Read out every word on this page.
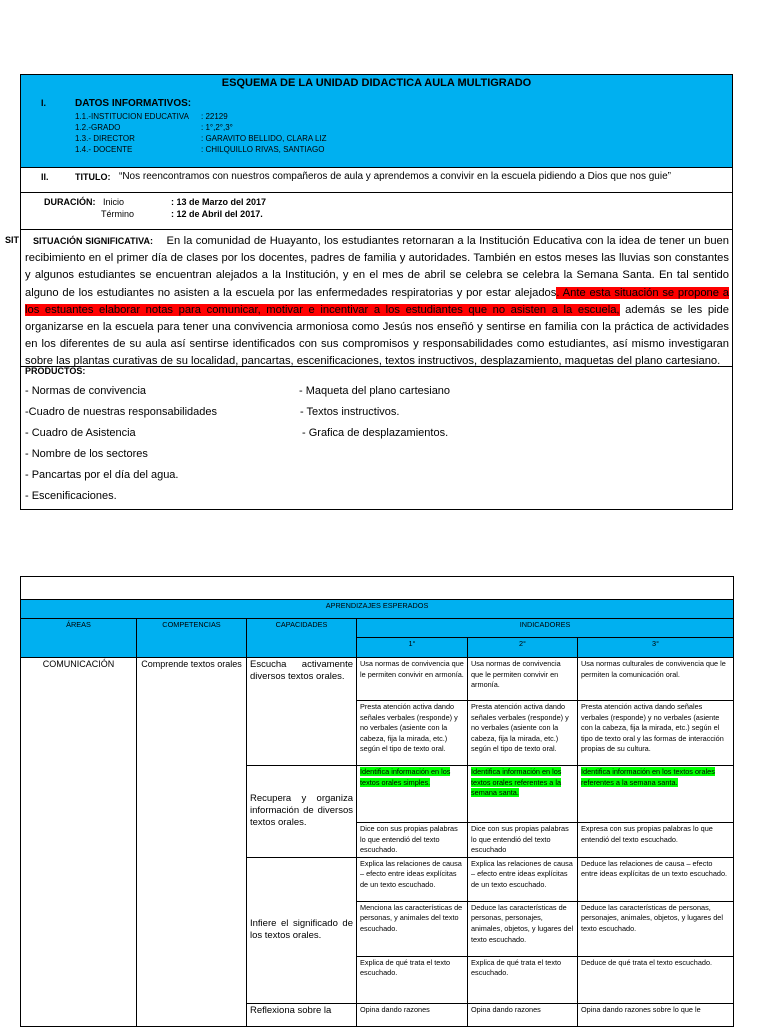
ESQUEMA DE LA UNIDAD DIDACTICA AULA MULTIGRADO
I.	DATOS INFORMATIVOS:
1.1.-INSTITUCION EDUCATIVA : 22129
1.2.-GRADO	: 1°,2°,3°
1.3.- DIRECTOR	: GARAVITO BELLIDO, CLARA LIZ
1.4.- DOCENTE	: CHILQUILLO RIVAS, SANTIAGO
II.	TITULO: “Nos reencontramos con nuestros compañeros de aula y aprendemos a convivir en la escuela pidiendo a Dios que nos guie”
DURACIÓN: Inicio	: 13 de Marzo del 2017
Término	: 12 de Abril del 2017.
SITUACIÓN SIGNIFICATIVA: En la comunidad de Huayanto, los estudiantes retornaran a la Institución Educativa con la idea de tener un buen recibimiento en el primer día de clases por los docentes, padres de familia y autoridades. También en estos meses las lluvias son constantes y algunos estudiantes se encuentran alejados a la Institución, y en el mes de abril se celebra se celebra la Semana Santa. En tal sentido alguno de los estudiantes no asisten a la escuela por las enfermedades respiratorias y por estar alejados. Ante esta situación se propone a los estuantes elaborar notas para comunicar, motivar e incentivar a los estudiantes que no asisten a la escuela, además se les pide organizarse en la escuela para tener una convivencia armoniosa como Jesús nos enseñó y sentirse en familia con la práctica de actividades en los diferentes de su aula así sentirse identificados con sus compromisos y responsabilidades como estudiantes, así mismo investigaran sobre las plantas curativas de su localidad, pancartas, escenificaciones, textos instructivos, desplazamiento, maquetas del plano cartesiano.
PRODUCTOS:
- Normas de convivencia
-Cuadro de nuestras responsabilidades
- Cuadro de Asistencia
- Nombre de los sectores
- Pancartas por el día del agua.
- Escenificaciones.
- Maqueta del plano cartesiano
- Textos instructivos.
- Grafica de desplazamientos.
SIT

APRENDIZAJES ESPERADOS					
ÁREAS	COMPETENCIAS	CAPACIDADES	INDICADORES		
			1°	2°	3°
COMUNICACIÓN	Comprende textos orales	Escucha activamente diversos textos orales.	Usa normas de convivencia que le permiten convivir en armonía.	Usa normas de convivencia que le permiten convivir en armonía.	Usa normas culturales de convivencia que le permiten la comunicación oral.
			Presta atención activa dando señales verbales (responde) y no verbales (asiente con la cabeza, fija la mirada, etc.) según el tipo de texto oral.	Presta atención activa dando señales verbales (responde) y no verbales (asiente con la cabeza, fija la mirada, etc.) según el tipo de texto oral.	Presta atención activa dando señales verbales (responde) y no verbales (asiente con la cabeza, fija la mirada, etc.) según el tipo de texto oral y las formas de interacción propias de su cultura.
		Recupera y organiza información de diversos textos orales.	Identifica información en los textos orales simples.	Identifica información en los textos orales referentes a la semana santa.	Identifica información en los textos orales referentes a la semana santa.
			Dice con sus propias palabras lo que entendió del texto escuchado.	Dice con sus propias palabras lo que entendió del texto escuchado	Expresa con sus propias palabras lo que entendió del texto escuchado.
		Infiere el significado de los textos orales.	Explica las relaciones de causa – efecto entre ideas explícitas de un texto escuchado.	Explica las relaciones de causa – efecto entre ideas explícitas de un texto escuchado.	Deduce las relaciones de causa – efecto entre ideas explícitas de un texto escuchado.
			Menciona las características de personas, y animales del texto escuchado.	Deduce las características de personas, personajes, animales, objetos, y lugares del texto escuchado.	Deduce las características de personas, personajes, animales, objetos, y lugares del texto escuchado.
			Explica de qué trata el texto escuchado.	Explica de qué trata el texto escuchado.	Deduce de qué trata el texto escuchado.
		Reflexiona sobre la	Opina dando razones	Opina dando razones	Opina dando razones sobre lo que le
